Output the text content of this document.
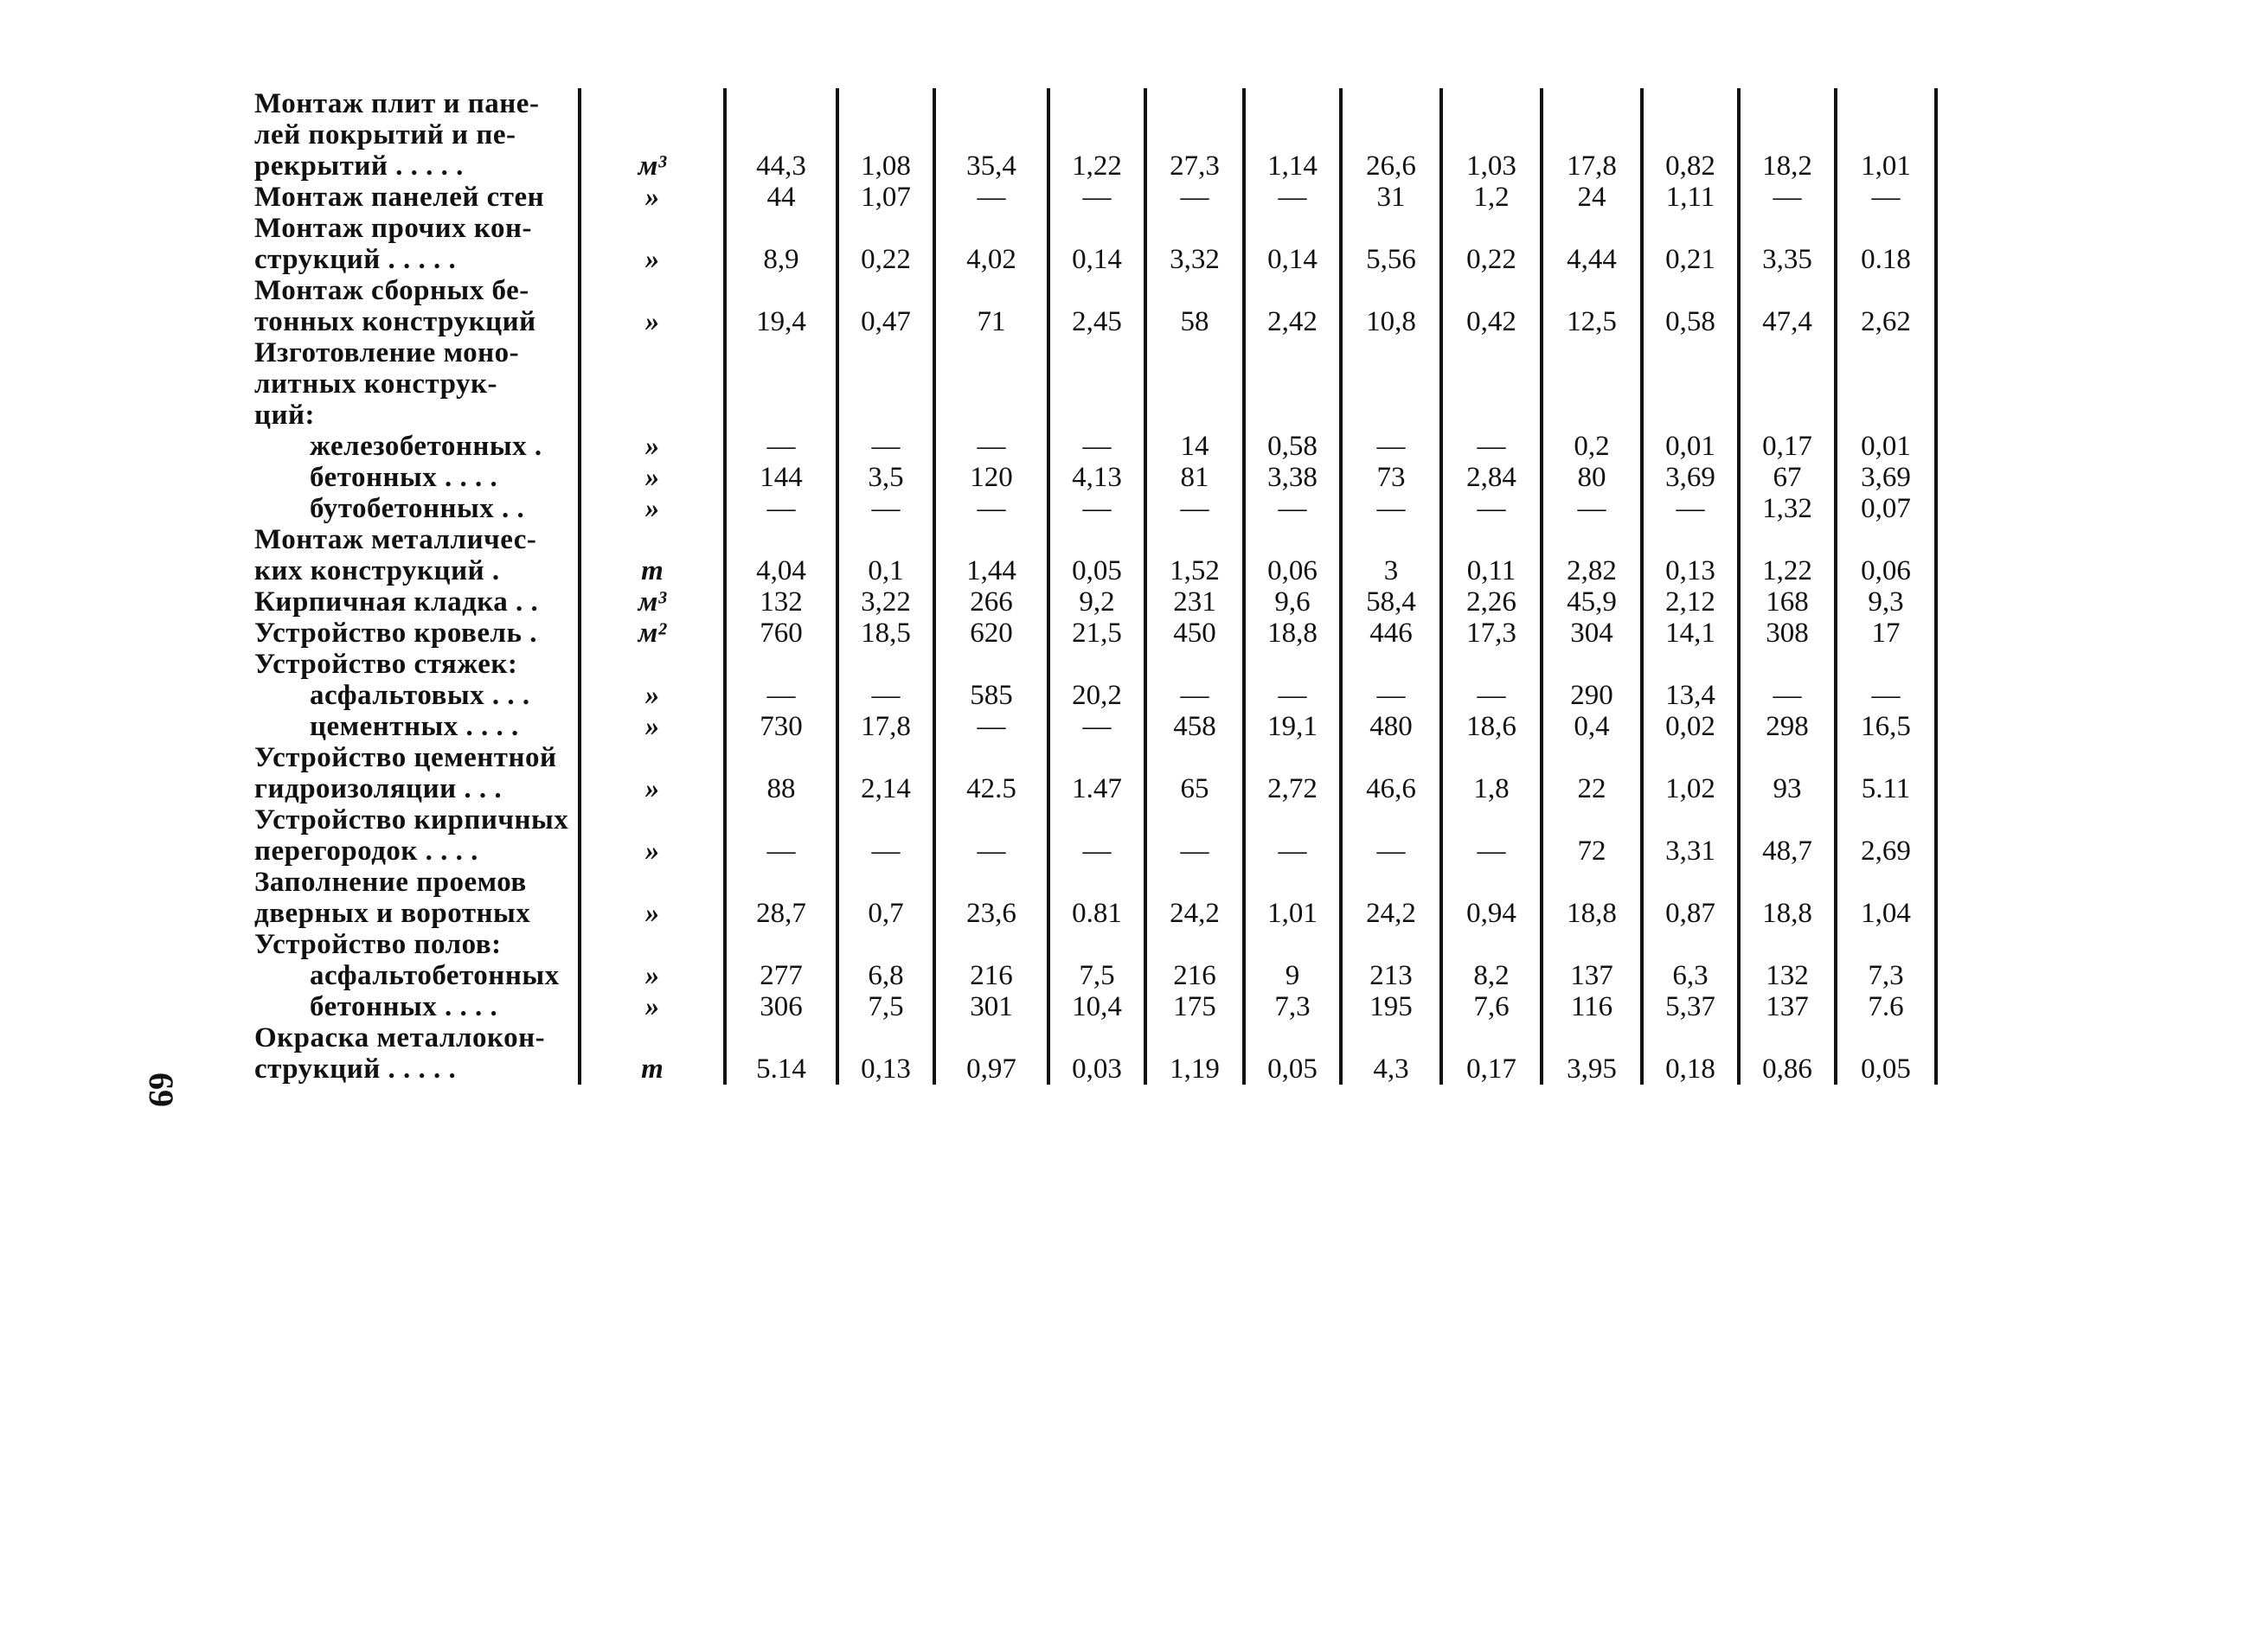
Монтаж плит и пане-
лей покрытий и пе-
рекрытий . . . . .	м³	44,3	1,08	35,4	1,22	27,3	1,14	26,6	1,03	17,8	0,82	18,2	1,01
Монтаж панелей стен	»	44	1,07	—	—	—	—	31	1,2	24	1,11	—	—
Монтаж прочих кон-
струкций . . . . .	»	8,9	0,22	4,02	0,14	3,32	0,14	5,56	0,22	4,44	0,21	3,35	0.18
Монтаж сборных бе-
тонных конструкций	»	19,4	0,47	71	2,45	58	2,42	10,8	0,42	12,5	0,58	47,4	2,62
Изготовление моно-
литных конструк-
ций:													
железобетонных .	»	—	—	—	—	14	0,58	—	—	0,2	0,01	0,17	0,01
бетонных . . . .	»	144	3,5	120	4,13	81	3,38	73	2,84	80	3,69	67	3,69
бутобетонных . .	»	—	—	—	—	—	—	—	—	—	—	1,32	0,07
Монтаж металличес-
ких конструкций .	т	4,04	0,1	1,44	0,05	1,52	0,06	3	0,11	2,82	0,13	1,22	0,06
Кирпичная кладка . .	м³	132	3,22	266	9,2	231	9,6	58,4	2,26	45,9	2,12	168	9,3
Устройство кровель .	м²	760	18,5	620	21,5	450	18,8	446	17,3	304	14,1	308	17
Устройство стяжек:													
асфальтовых . . .	»	—	—	585	20,2	—	—	—	—	290	13,4	—	—
цементных . . . .	»	730	17,8	—	—	458	19,1	480	18,6	0,4	0,02	298	16,5
Устройство цементной
гидроизоляции . . .	»	88	2,14	42.5	1.47	65	2,72	46,6	1,8	22	1,02	93	5.11
Устройство кирпичных
перегородок . . . .	»	—	—	—	—	—	—	—	—	72	3,31	48,7	2,69
Заполнение проемов
дверных и воротных	»	28,7	0,7	23,6	0.81	24,2	1,01	24,2	0,94	18,8	0,87	18,8	1,04
Устройство полов:													
асфальтобетонных	»	277	6,8	216	7,5	216	9	213	8,2	137	6,3	132	7,3
бетонных . . . .	»	306	7,5	301	10,4	175	7,3	195	7,6	116	5,37	137	7.6
Окраска металлокон-
струкций . . . . .	т	5.14	0,13	0,97	0,03	1,19	0,05	4,3	0,17	3,95	0,18	0,86	0,05
69
